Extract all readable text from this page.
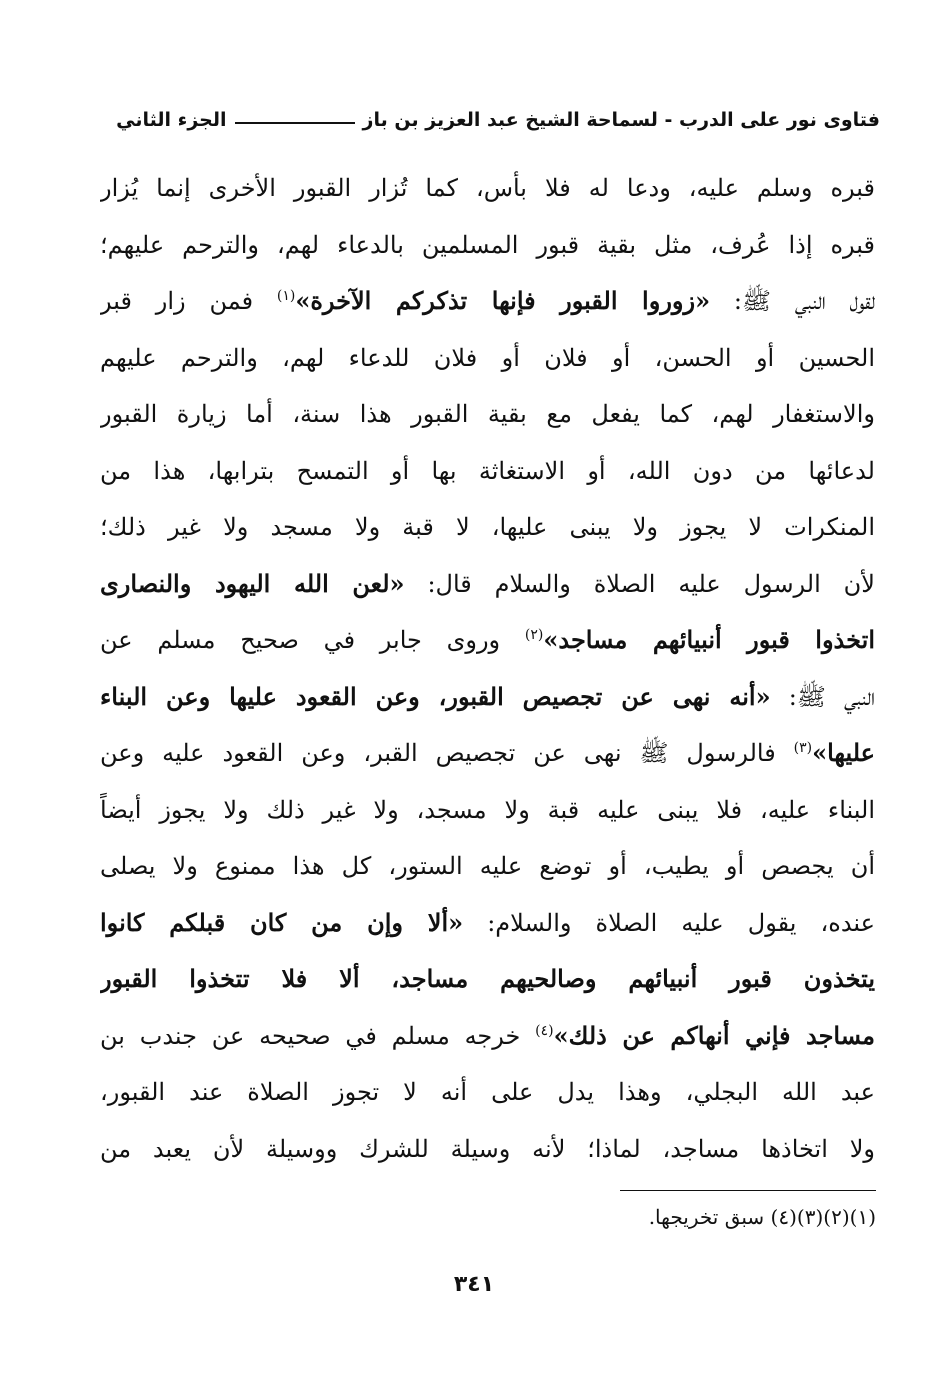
فتاوى نور على الدرب - لسماحة الشيخ عبد العزيز بن باز
الجزء الثاني
قبره وسلم عليه، ودعا له فلا بأس، كما تُزار القبور الأخرى إنما يُزار
قبره إذا عُرف، مثل بقية قبور المسلمين بالدعاء لهم، والترحم عليهم؛
لقول النبي ﷺ: «زوروا القبور فإنها تذكركم الآخرة»$^{(١)}$ فمن زار قبر
الحسين أو الحسن، أو فلان أو فلان للدعاء لهم، والترحم عليهم
والاستغفار لهم، كما يفعل مع بقية القبور هذا سنة، أما زيارة القبور
لدعائها من دون الله، أو الاستغاثة بها أو التمسح بترابها، هذا من
المنكرات لا يجوز ولا يبنى عليها، لا قبة ولا مسجد ولا غير ذلك؛
لأن الرسول عليه الصلاة والسلام قال: «لعن الله اليهود والنصارى
اتخذوا قبور أنبيائهم مساجد»$^{(٢)}$ وروى جابر في صحيح مسلم عن
النبي ﷺ: «أنه نهى عن تجصيص القبور، وعن القعود عليها وعن البناء
عليها»$^{(٣)}$ فالرسول ﷺ نهى عن تجصيص القبر، وعن القعود عليه وعن
البناء عليه، فلا يبنى عليه قبة ولا مسجد، ولا غير ذلك ولا يجوز أيضاً
أن يجصص أو يطيب، أو توضع عليه الستور، كل هذا ممنوع ولا يصلى
عنده، يقول عليه الصلاة والسلام: «ألا وإن من كان قبلكم كانوا
يتخذون قبور أنبيائهم وصالحيهم مساجد، ألا فلا تتخذوا القبور
مساجد فإني أنهاكم عن ذلك»$^{(٤)}$ خرجه مسلم في صحيحه عن جندب بن
عبد الله البجلي، وهذا يدل على أنه لا تجوز الصلاة عند القبور،
ولا اتخاذها مساجد، لماذا؛ لأنه وسيلة للشرك ووسيلة لأن يعبد من
(١)(٢)(٣)(٤) سبق تخريجها.
٣٤١
